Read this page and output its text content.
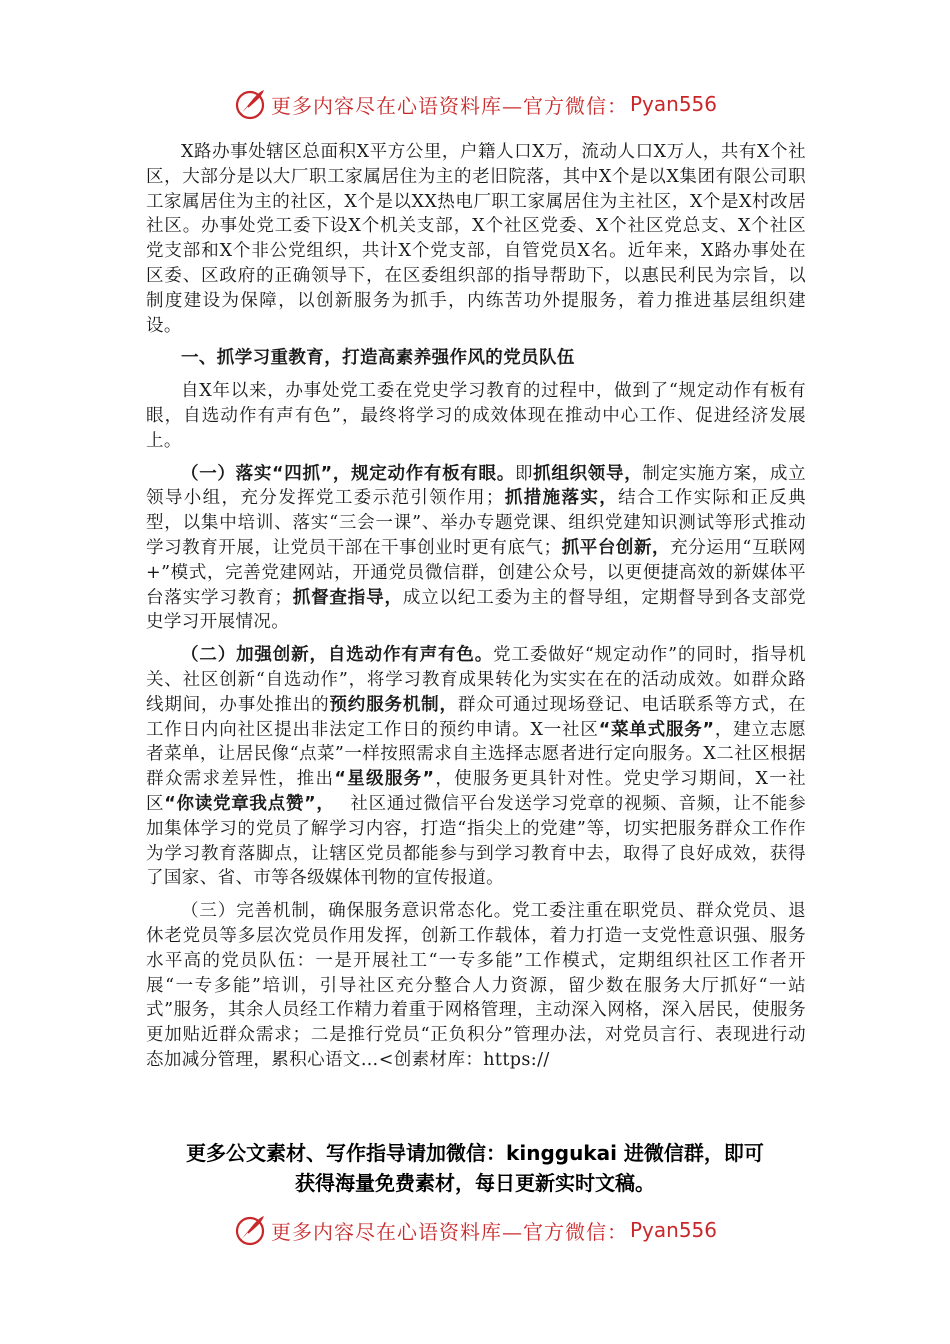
更多内容尽在心语资料库—官方微信： Pyan556

X路办事处辖区总面积X平方公里，户籍人口X万，流动人口X万人，共有X个社区，大部分是以大厂职工家属居住为主的老旧院落，其中X个是以X集团有限公司职工家属居住为主的社区，X个是以XX热电厂职工家属居住为主社区，X个是X村改居社区。办事处党工委下设X个机关支部，X个社区党委、X个社区党总支、X个社区党支部和X个非公党组织，共计X个党支部，自管党员X名。近年来，X路办事处在区委、区政府的正确领导下，在区委组织部的指导帮助下，以惠民利民为宗旨，以制度建设为保障，以创新服务为抓手，内练苦功外提服务，着力推进基层组织建设。

一、抓学习重教育，打造高素养强作风的党员队伍

自X年以来，办事处党工委在党史学习教育的过程中，做到了“规定动作有板有眼，自选动作有声有色”，最终将学习的成效体现在推动中心工作、促进经济发展上。

（一）落实“四抓”，规定动作有板有眼。即抓组织领导，制定实施方案，成立领导小组，充分发挥党工委示范引领作用；抓措施落实，结合工作实际和正反典型，以集中培训、落实“三会一课”、举办专题党课、组织党建知识测试等形式推动学习教育开展，让党员干部在干事创业时更有底气；抓平台创新，充分运用“互联网+”模式，完善党建网站，开通党员微信群，创建公众号，以更便捷高效的新媒体平台落实学习教育；抓督查指导，成立以纪工委为主的督导组，定期督导到各支部党史学习开展情况。

（二）加强创新，自选动作有声有色。党工委做好“规定动作”的同时，指导机关、社区创新“自选动作”，将学习教育成果转化为实实在在的活动成效。如群众路线期间，办事处推出的预约服务机制，群众可通过现场登记、电话联系等方式，在工作日内向社区提出非法定工作日的预约申请。X一社区“菜单式服务”，建立志愿者菜单，让居民像“点菜”一样按照需求自主选择志愿者进行定向服务。X二社区根据群众需求差异性，推出“星级服务”，使服务更具针对性。党史学习期间，X一社区“你读党章我点赞”，　 社区通过微信平台发送学习党章的视频、音频，让不能参加集体学习的党员了解学习内容，打造“指尖上的党建”等，切实把服务群众工作作为学习教育落脚点，让辖区党员都能参与到学习教育中去，取得了良好成效，获得了国家、省、市等各级媒体刊物的宣传报道。

（三）完善机制，确保服务意识常态化。党工委注重在职党员、群众党员、退休老党员等多层次党员作用发挥，创新工作载体，着力打造一支党性意识强、服务水平高的党员队伍：一是开展社工“一专多能”工作模式，定期组织社区工作者开展“一专多能”培训，引导社区充分整合人力资源，留少数在服务大厅抓好“一站式”服务，其余人员经工作精力着重于网格管理，主动深入网格，深入居民，使服务更加贴近群众需求；二是推行党员“正负积分”管理办法，对党员言行、表现进行动态加减分管理，累积心语文…<创素材库：https://

更多公文素材、写作指导请加微信：kinggukai 进微信群，即可
获得海量免费素材，每日更新实时文稿。
更多内容尽在心语资料库—官方微信： Pyan556
